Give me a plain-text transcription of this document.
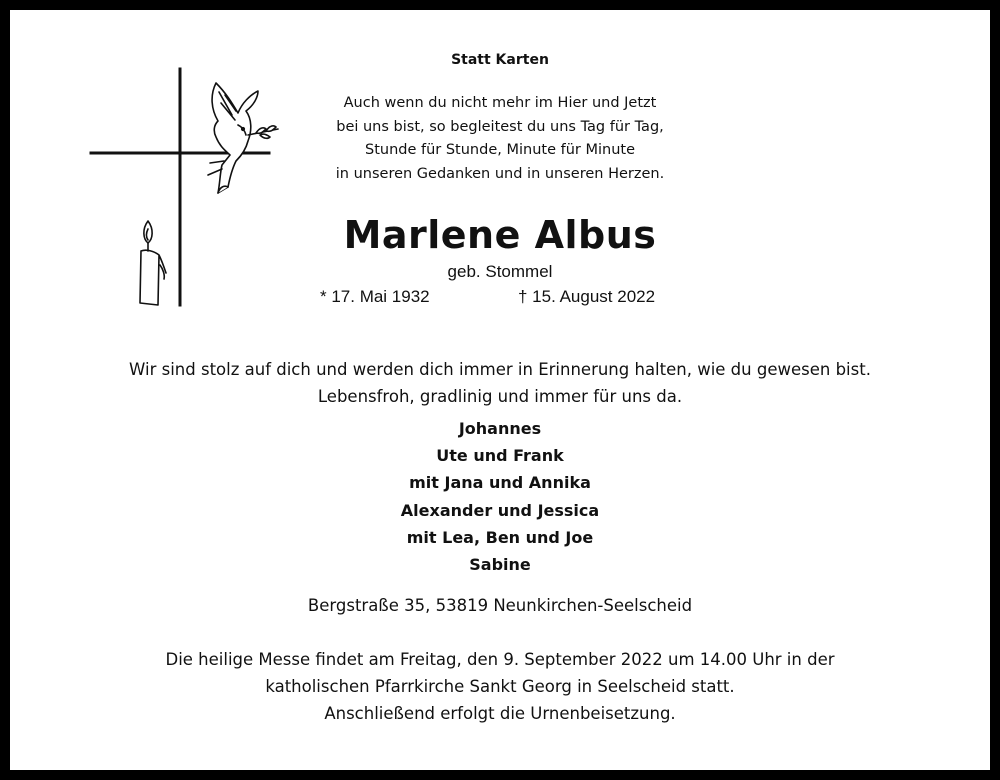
Statt Karten
Auch wenn du nicht mehr im Hier und Jetzt
bei uns bist, so begleitest du uns Tag für Tag,
Stunde für Stunde, Minute für Minute
in unseren Gedanken und in unseren Herzen.
Marlene Albus
geb. Stommel
* 17. Mai 1932	† 15. August 2022
Wir sind stolz auf dich und werden dich immer in Erinnerung halten, wie du gewesen bist.
Lebensfroh, gradlinig und immer für uns da.
Johannes
Ute und Frank
mit Jana und Annika
Alexander und Jessica
mit Lea, Ben und Joe
Sabine
Bergstraße 35, 53819 Neunkirchen-Seelscheid
Die heilige Messe findet am Freitag, den 9. September 2022 um 14.00 Uhr in der
katholischen Pfarrkirche Sankt Georg in Seelscheid statt.
Anschließend erfolgt die Urnenbeisetzung.
